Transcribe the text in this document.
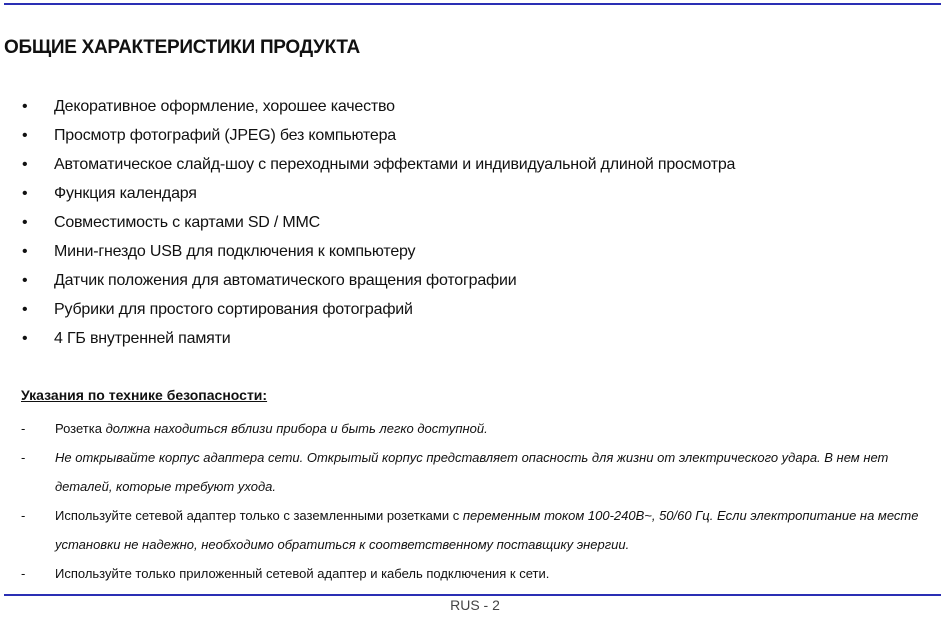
ОБЩИЕ ХАРАКТЕРИСТИКИ ПРОДУКТА
• Декоративное оформление, хорошее качество
• Просмотр фотографий (JPEG) без компьютера
• Автоматическое слайд-шоу с переходными эффектами и индивидуальной длиной просмотра
• Функция календаря
• Совместимость с картами SD / MMC
• Мини-гнездо USB для подключения к компьютеру
• Датчик положения для автоматического вращения фотографии
• Рубрики для простого сортирования фотографий
• 4 ГБ внутренней памяти
Указания по технике безопасности:
- Розетка должна находиться вблизи прибора и быть легко доступной.
- Не открывайте корпус адаптера сети. Открытый корпус представляет опасность для жизни от электрического удара. В нем нет деталей, которые требуют ухода.
- Используйте сетевой адаптер только с заземленными розетками с переменным током 100-240В~, 50/60 Гц. Если электропитание на месте установки не надежно, необходимо обратиться к соответственному поставщику энергии.
- Используйте только приложенный сетевой адаптер и кабель подключения к сети.
RUS - 2
